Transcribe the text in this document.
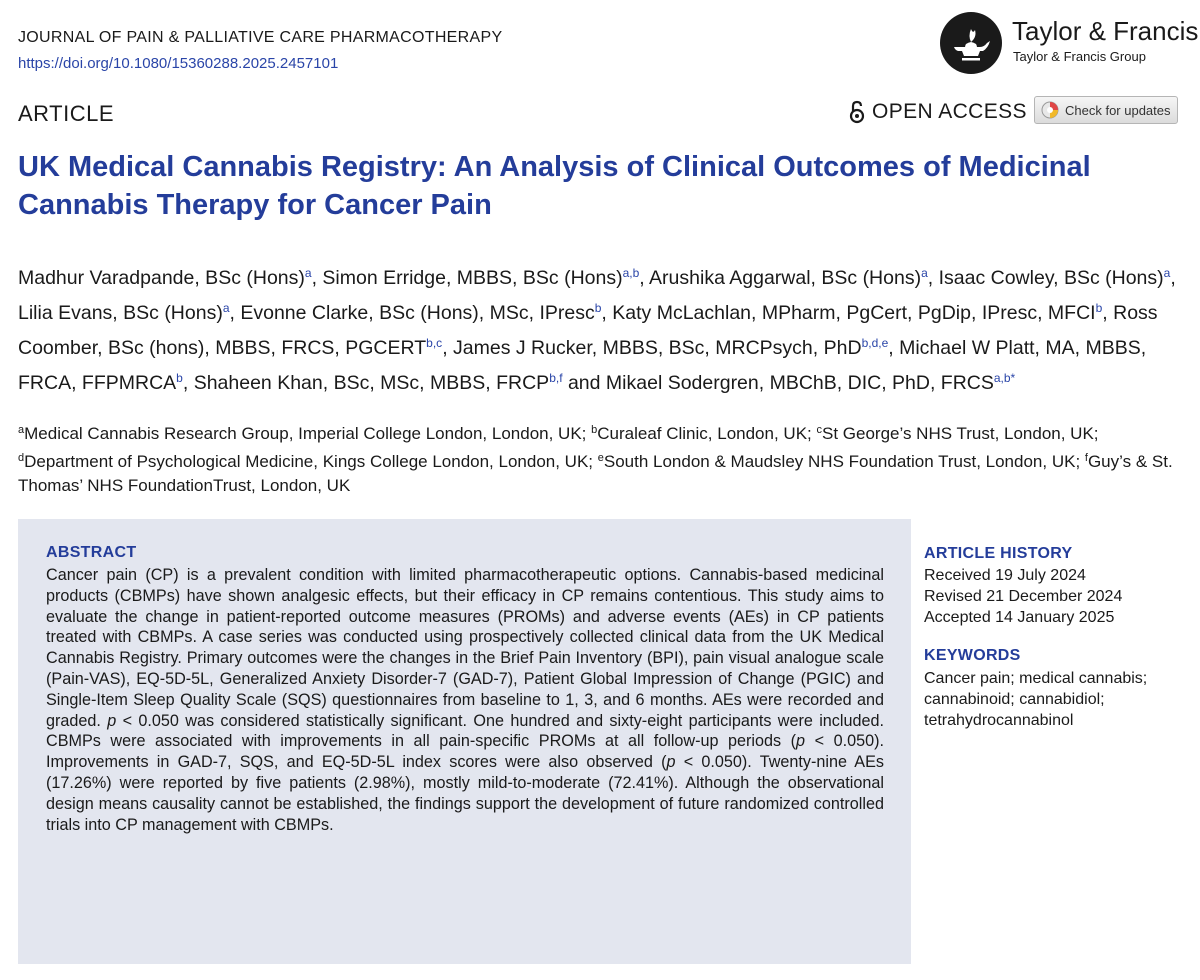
JOURNAL OF PAIN & PALLIATIVE CARE PHARMACOTHERAPY
https://doi.org/10.1080/15360288.2025.2457101
Taylor & Francis
Taylor & Francis Group
ARTICLE	OPEN ACCESS	Check for updates
UK Medical Cannabis Registry: An Analysis of Clinical Outcomes of Medicinal Cannabis Therapy for Cancer Pain

Madhur Varadpande, BSc (Hons)$^a$, Simon Erridge, MBBS, BSc (Hons)$^{a,b}$, Arushika Aggarwal, BSc (Hons)$^a$, Isaac Cowley, BSc (Hons)$^a$, Lilia Evans, BSc (Hons)$^a$, Evonne Clarke, BSc (Hons), MSc, IPresc$^b$, Katy McLachlan, MPharm, PgCert, PgDip, IPresc, MFCI$^b$, Ross Coomber, BSc (hons), MBBS, FRCS, PGCERT$^{b,c}$, James J Rucker, MBBS, BSc, MRCPsych, PhD$^{b,d,e}$, Michael W Platt, MA, MBBS, FRCA, FFPMRCA$^b$, Shaheen Khan, BSc, MSc, MBBS, FRCP$^{b,f}$ and Mikael Sodergren, MBChB, DIC, PhD, $FRCS^{a,b*}$

$^a$Medical Cannabis Research Group, Imperial College London, London, UK; $^b$Curaleaf Clinic, London, UK; $^c$St George’s NHS Trust, London, UK; $^d$Department of Psychological Medicine, Kings College London, London, UK; $^e$South London & Maudsley NHS Foundation Trust, London, UK; $^f$Guy’s & St. Thomas’ NHS FoundationTrust, London, UK

ABSTRACT

Cancer pain (CP) is a prevalent condition with limited pharmacotherapeutic options. Cannabis-based medicinal products (CBMPs) have shown analgesic effects, but their efficacy in CP remains contentious. This study aims to evaluate the change in patient-reported outcome measures (PROMs) and adverse events (AEs) in CP patients treated with CBMPs. A case series was conducted using prospectively collected clinical data from the UK Medical Cannabis Registry. Primary outcomes were the changes in the Brief Pain Inventory (BPI), pain visual analogue scale (Pain-VAS), EQ-5D-5L, Generalized Anxiety Disorder-7 (GAD-7), Patient Global Impression of Change (PGIC) and Single-Item Sleep Quality Scale (SQS) questionnaires from baseline to 1, 3, and 6 months. AEs were recorded and graded. p < 0.050 was considered statistically significant. One hundred and sixty-eight participants were included. CBMPs were associated with improvements in all pain-specific PROMs at all follow-up periods (p < 0.050). Improvements in GAD-7, SQS, and EQ-5D-5L index scores were also observed (p < 0.050). Twenty-nine AEs (17.26%) were reported by five patients (2.98%), mostly mild-to-moderate (72.41%). Although the observational design means causality cannot be established, the findings support the development of future randomized controlled trials into CP management with CBMPs.

ARTICLE HISTORY
Received 19 July 2024
Revised 21 December 2024
Accepted 14 January 2025
KEYWORDS

Cancer pain; medical cannabis; cannabinoid; cannabidiol; tetrahydrocannabinol
